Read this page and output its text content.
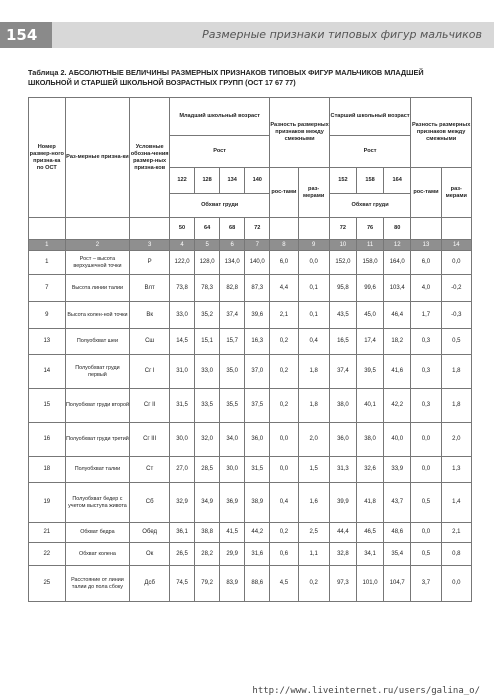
154	Размерные признаки типовых фигур мальчиков
Таблица 2. АБСОЛЮТНЫЕ ВЕЛИЧИНЫ РАЗМЕРНЫХ ПРИЗНАКОВ ТИПОВЫХ ФИГУР МАЛЬЧИКОВ МЛАДШЕЙ ШКОЛЬНОЙ И СТАРШЕЙ ШКОЛЬНОЙ ВОЗРАСТНЫХ ГРУПП (ОСТ 17 67 77)
Номер размер-ного призна-ка по ОСТ	Раз-мерные призна-ки	Условные обозна-чения размер-ных призна-ков	Младший школьный возраст				Разность размерных признаков между смежными		Старший школьный возраст			Разность размерных признаков между смежными	
			Рост						Рост				
			122	128	134	140	рос-тами	раз-мерами	152	158	164	рос-тами	раз-мерами
			Обхват груди						Обхват груди				
			50	64	68	72			72	76	80		
1	2	3	4	5	6	7	8	9	10	11	12	13	14
1	Рост – высота верхушечной точки	Р	122,0	128,0	134,0	140,0	6,0	0,0	152,0	158,0	164,0	6,0	0,0
7	Высота линии талии	Влт	73,8	78,3	82,8	87,3	4,4	0,1	95,8	99,6	103,4	4,0	-0,2
9	Высота колен-ной точки	Вк	33,0	35,2	37,4	39,6	2,1	0,1	43,5	45,0	46,4	1,7	-0,3
13	Полуобхват шеи	Сш	14,5	15,1	15,7	16,3	0,2	0,4	16,5	17,4	18,2	0,3	0,5
14	Полуобхват груди первый	Сг I	31,0	33,0	35,0	37,0	0,2	1,8	37,4	39,5	41,6	0,3	1,8
15	Полуобхват груди второй	Сг II	31,5	33,5	35,5	37,5	0,2	1,8	38,0	40,1	42,2	0,3	1,8
16	Полуобхват груди третий	Сг III	30,0	32,0	34,0	36,0	0,0	2,0	36,0	38,0	40,0	0,0	2,0
18	Полуобхват талии	Ст	27,0	28,5	30,0	31,5	0,0	1,5	31,3	32,6	33,9	0,0	1,3
19	Полуобхват бедер с учетом выступа живота	Сб	32,9	34,9	36,9	38,9	0,4	1,6	39,9	41,8	43,7	0,5	1,4
21	Обхват бедра	Обед	36,1	38,8	41,5	44,2	0,2	2,5	44,4	46,5	48,6	0,0	2,1
22	Обхват колена	Ок	26,5	28,2	29,9	31,6	0,6	1,1	32,8	34,1	35,4	0,5	0,8
25	Расстояние от линии талии до пола сбоку	Дсб	74,5	79,2	83,9	88,6	4,5	0,2	97,3	101,0	104,7	3,7	0,0
http://www.liveinternet.ru/users/galina_o/
